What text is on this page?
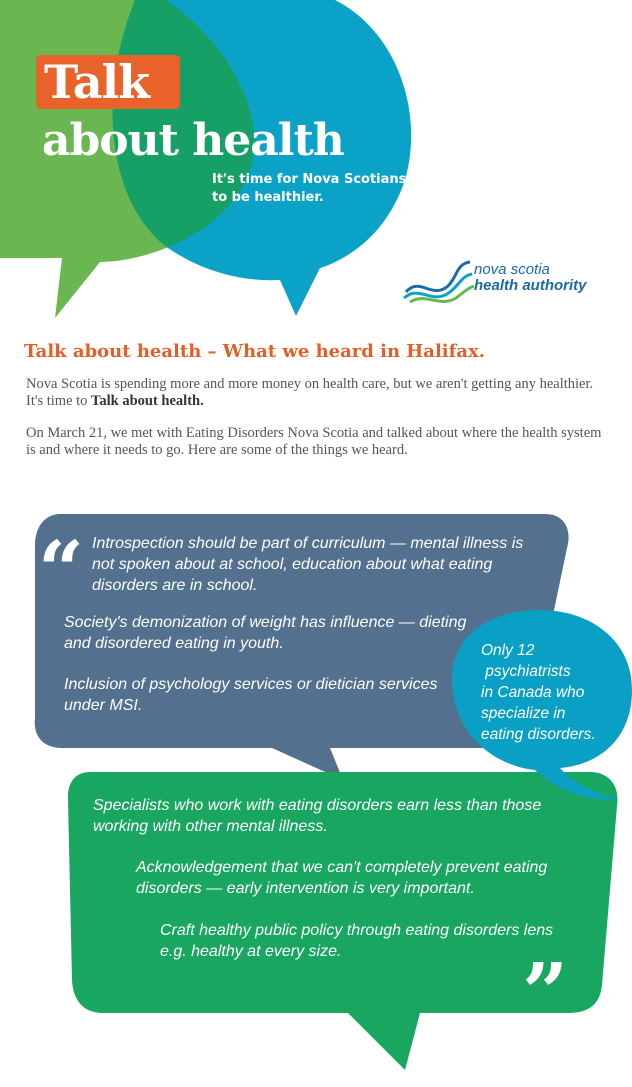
Talk
about health
It's time for Nova Scotians
to be healthier.
nova scotia
health authority
Talk about health – What we heard in Halifax.
Nova Scotia is spending more and more money on health care, but we aren't getting any healthier. It's time to Talk about health.
On March 21, we met with Eating Disorders Nova Scotia and talked about where the health system is and where it needs to go. Here are some of the things we heard.
“ Introspection should be part of curriculum — mental illness is
not spoken about at school, education about what eating
disorders are in school.
Society's demonization of weight has influence — dieting
and disordered eating in youth.
Inclusion of psychology services or dietician services
under MSI.
Only 12
psychiatrists
in Canada who
specialize in
eating disorders.
Specialists who work with eating disorders earn less than those
working with other mental illness.
Acknowledgement that we can't completely prevent eating
disorders — early intervention is very important.
Craft healthy public policy through eating disorders lens
e.g. healthy at every size.	”
